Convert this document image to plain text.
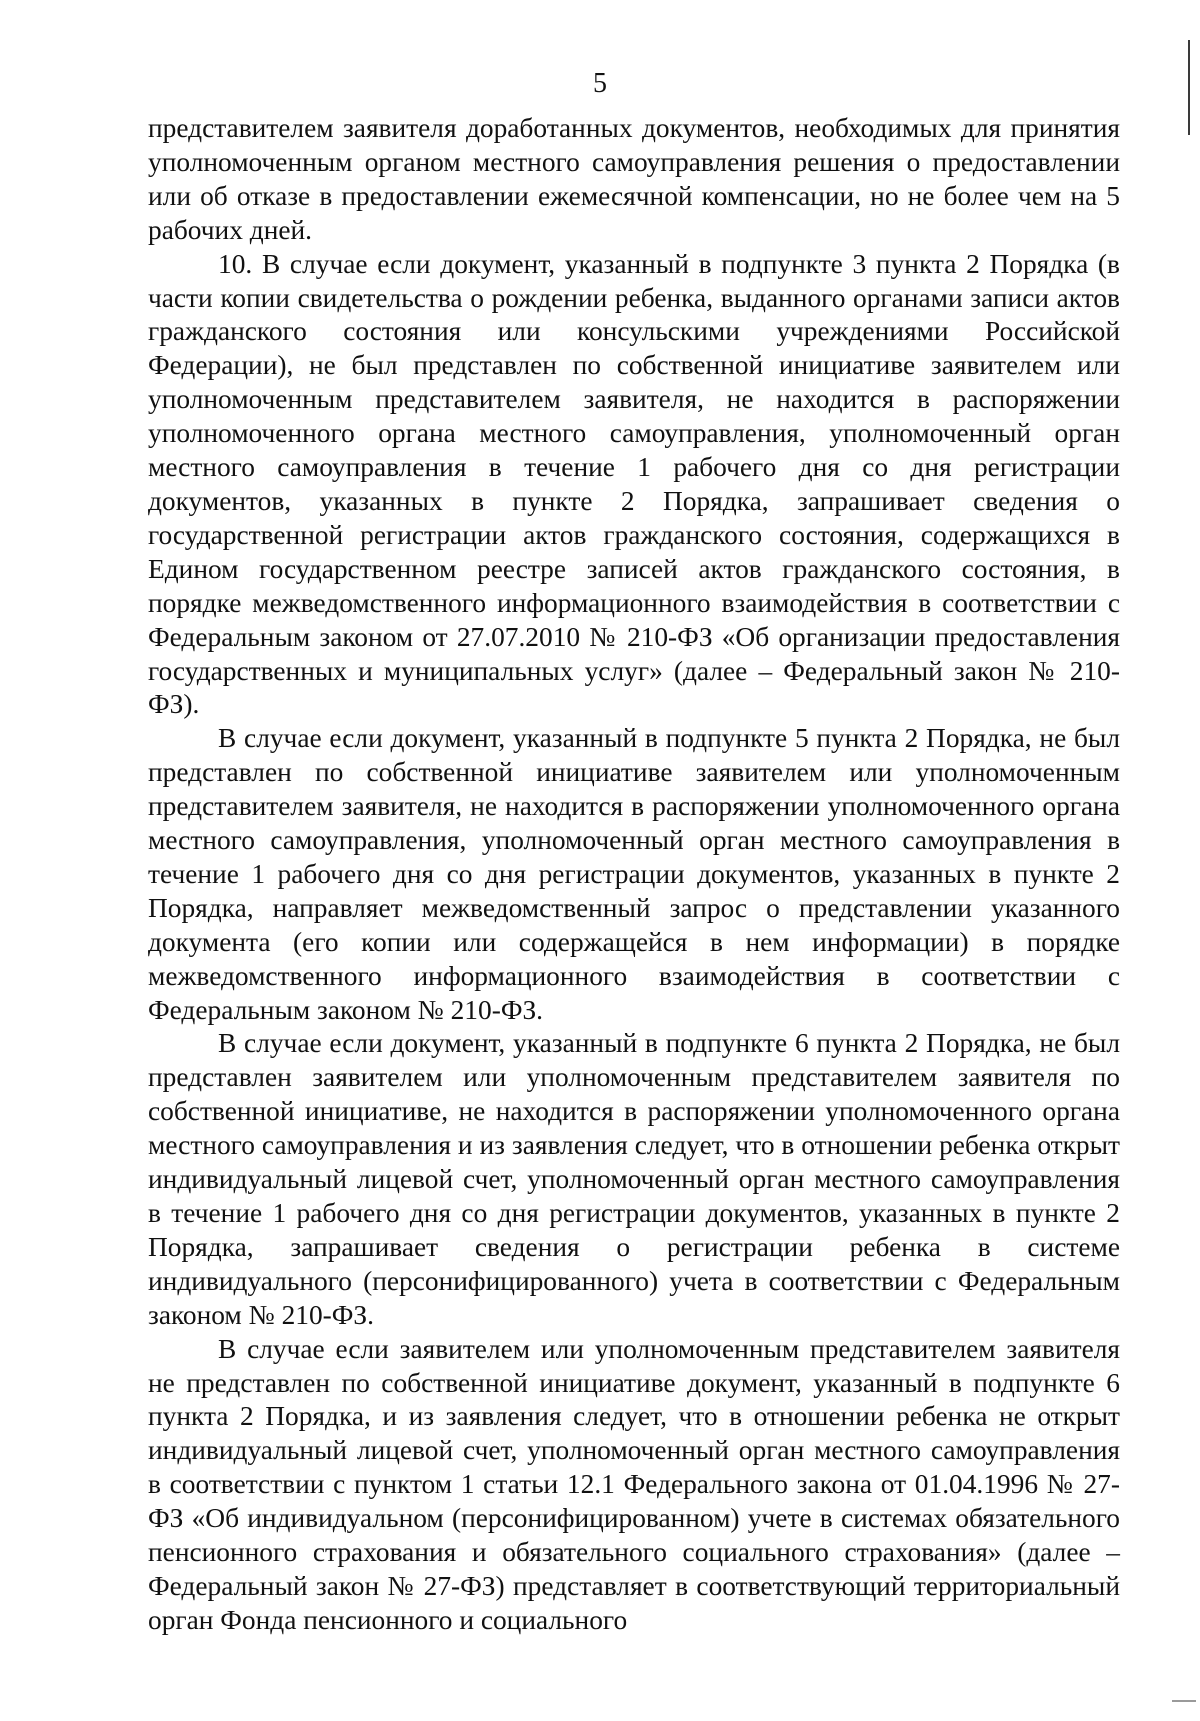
5

представителем заявителя доработанных документов, необходимых для принятия уполномоченным органом местного самоуправления решения о предоставлении или об отказе в предоставлении ежемесячной компенсации, но не более чем на 5 рабочих дней.

10. В случае если документ, указанный в подпункте 3 пункта 2 Порядка (в части копии свидетельства о рождении ребенка, выданного органами записи актов гражданского состояния или консульскими учреждениями Российской Федерации), не был представлен по собственной инициативе заявителем или уполномоченным представителем заявителя, не находится в распоряжении уполномоченного органа местного самоуправления, уполномоченный орган местного самоуправления в течение 1 рабочего дня со дня регистрации документов, указанных в пункте 2 Порядка, запрашивает сведения о государственной регистрации актов гражданского состояния, содержащихся в Едином государственном реестре записей актов гражданского состояния, в порядке межведомственного информационного взаимодействия в соответствии с Федеральным законом от 27.07.2010 № 210-ФЗ «Об организации предоставления государственных и муниципальных услуг» (далее – Федеральный закон № 210-ФЗ).

В случае если документ, указанный в подпункте 5 пункта 2 Порядка, не был представлен по собственной инициативе заявителем или уполномоченным представителем заявителя, не находится в распоряжении уполномоченного органа местного самоуправления, уполномоченный орган местного самоуправления в течение 1 рабочего дня со дня регистрации документов, указанных в пункте 2 Порядка, направляет межведомственный запрос о представлении указанного документа (его копии или содержащейся в нем информации) в порядке межведомственного информационного взаимодействия в соответствии с Федеральным законом № 210-ФЗ.

В случае если документ, указанный в подпункте 6 пункта 2 Порядка, не был представлен заявителем или уполномоченным представителем заявителя по собственной инициативе, не находится в распоряжении уполномоченного органа местного самоуправления и из заявления следует, что в отношении ребенка открыт индивидуальный лицевой счет, уполномоченный орган местного самоуправления в течение 1 рабочего дня со дня регистрации документов, указанных в пункте 2 Порядка, запрашивает сведения о регистрации ребенка в системе индивидуального (персонифицированного) учета в соответствии с Федеральным законом № 210-ФЗ.

В случае если заявителем или уполномоченным представителем заявителя не представлен по собственной инициативе документ, указанный в подпункте 6 пункта 2 Порядка, и из заявления следует, что в отношении ребенка не открыт индивидуальный лицевой счет, уполномоченный орган местного самоуправления в соответствии с пунктом 1 статьи 12.1 Федерального закона от 01.04.1996 № 27-ФЗ «Об индивидуальном (персонифицированном) учете в системах обязательного пенсионного страхования и обязательного социального страхования» (далее – Федеральный закон № 27-ФЗ) представляет в соответствующий территориальный орган Фонда пенсионного и социального
